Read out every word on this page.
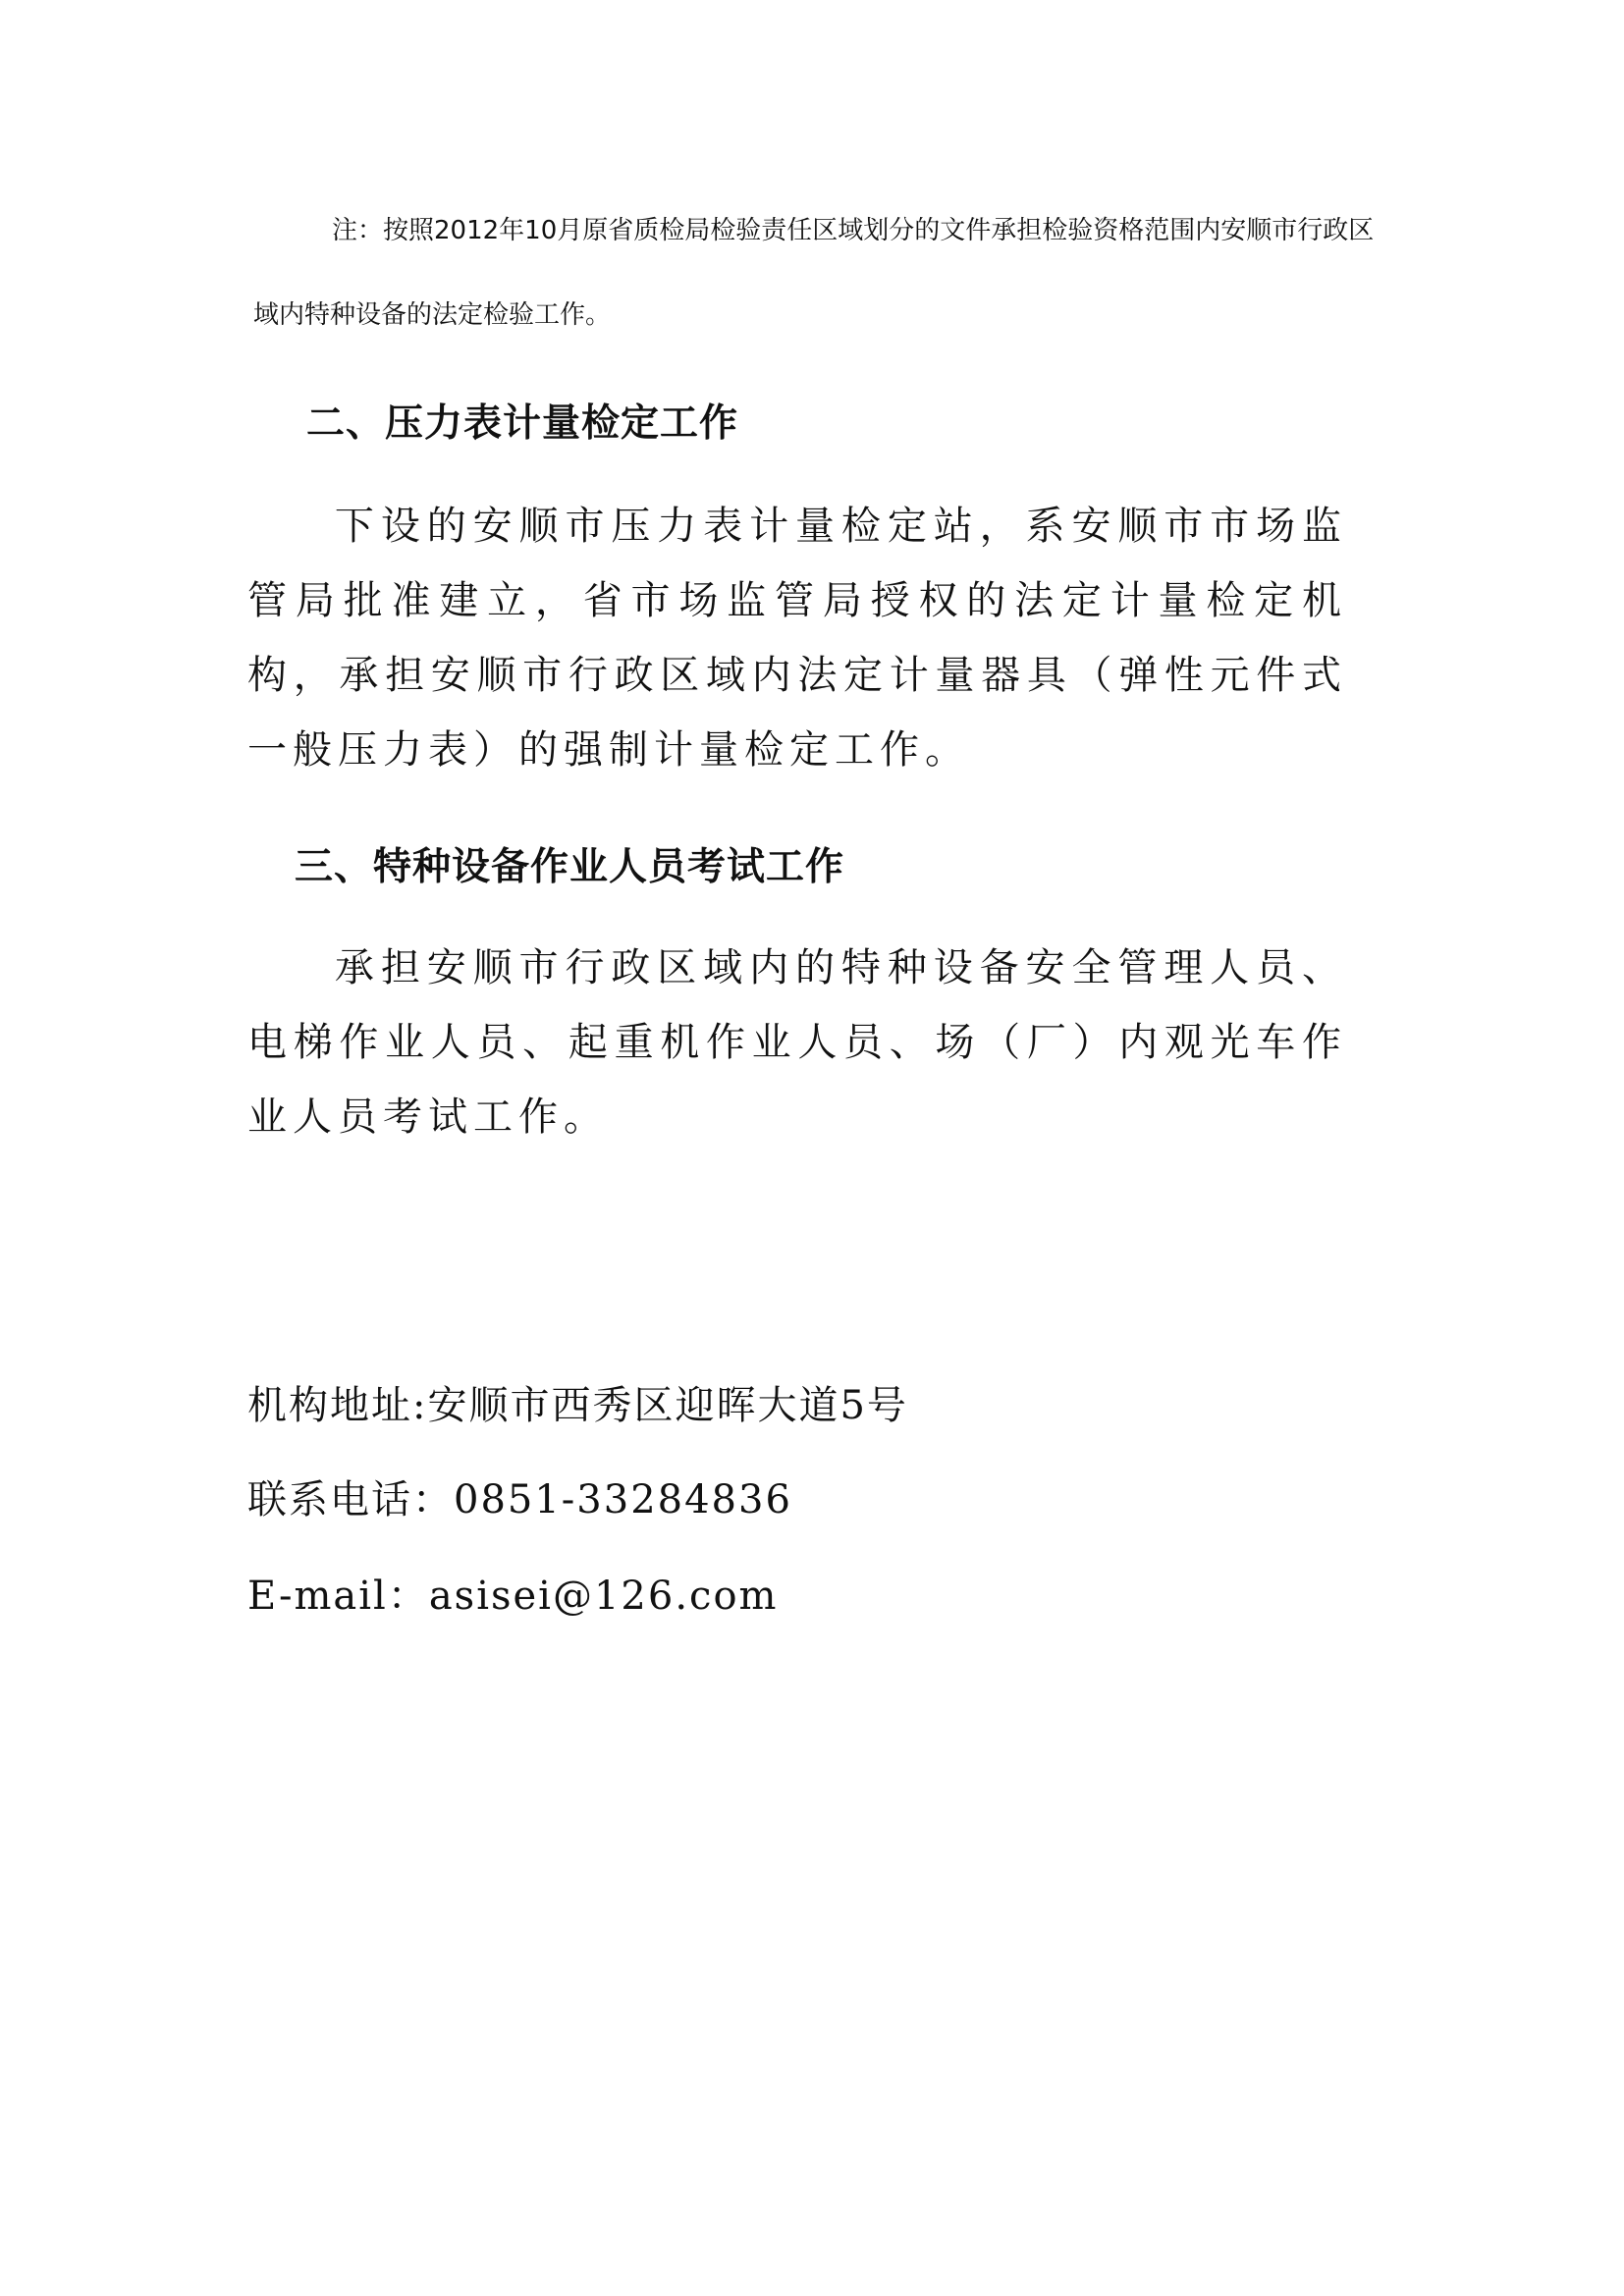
注：按照2012年10月原省质检局检验责任区域划分的文件承担检验资格范围内安顺市行政区域内特种设备的法定检验工作。

二、压力表计量检定工作

下设的安顺市压力表计量检定站，系安顺市市场监管局批准建立，省市场监管局授权的法定计量检定机构，承担安顺市行政区域内法定计量器具（弹性元件式一般压力表）的强制计量检定工作。

三、特种设备作业人员考试工作

承担安顺市行政区域内的特种设备安全管理人员、电梯作业人员、起重机作业人员、场（厂）内观光车作业人员考试工作。

机构地址:安顺市西秀区迎晖大道5号

联系电话：0851-33284836

E-mail：asisei@126.com
